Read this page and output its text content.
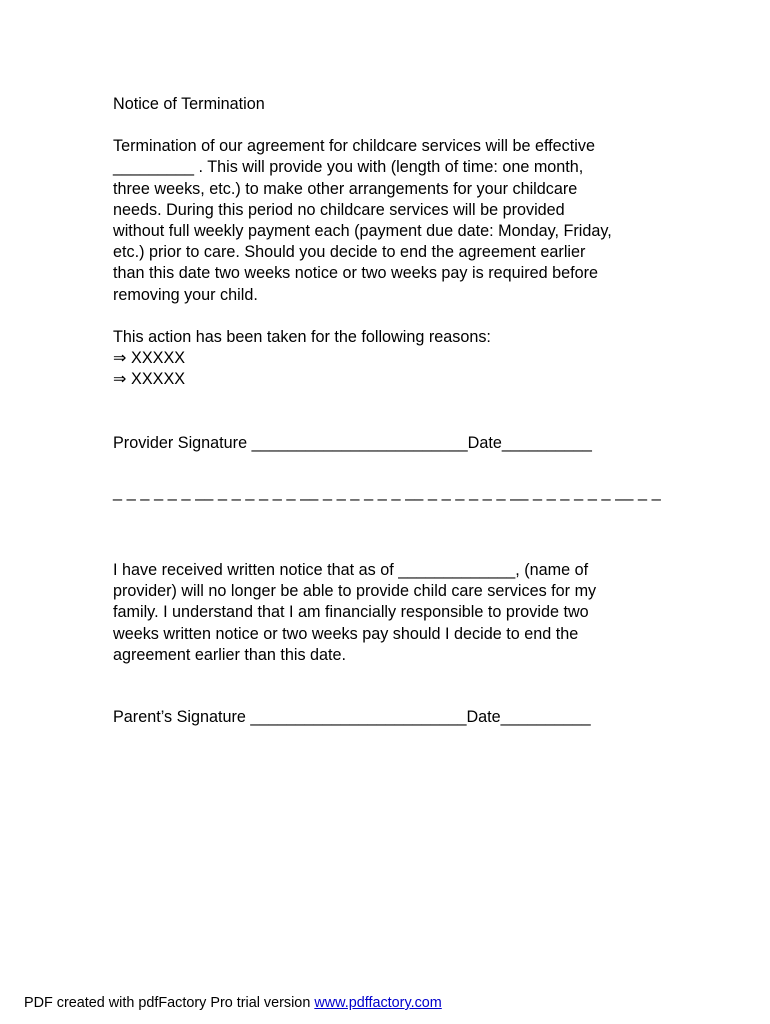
Notice of Termination

Termination of our agreement for childcare services will be effective

_________ . This will provide you with (length of time: one month,

three weeks, etc.) to make other arrangements for your childcare

needs. During this period no childcare services will be provided

without full weekly payment each (payment due date: Monday, Friday,

etc.) prior to care. Should you decide to end the agreement earlier

than this date two weeks notice or two weeks pay is required before

removing your child.

This action has been taken for the following reasons:

⇒ XXXXX
⇒ XXXXX
Provider Signature ________________________Date__________
_ _ _ _ _ _ __ _ _ _ _ _ _ __ _ _ _ _ _ _ __ _ _ _ _ _ _ __ _ _ _ _ _ _ __ _ _

I have received written notice that as of _____________, (name of

provider) will no longer be able to provide child care services for my

family. I understand that I am financially responsible to provide two

weeks written notice or two weeks pay should I decide to end the

agreement earlier than this date.

Parent’s Signature ________________________Date__________
PDF created with pdfFactory Pro trial version www.pdffactory.com
